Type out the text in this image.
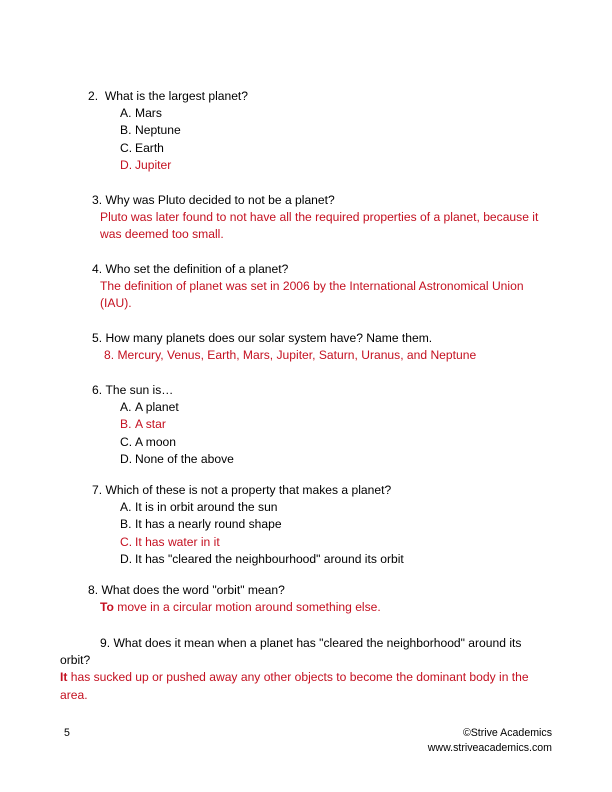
2. What is the largest planet?
A. Mars
B. Neptune
C. Earth
D. Jupiter
3. Why was Pluto decided to not be a planet?
Pluto was later found to not have all the required properties of a planet, because it was deemed too small.
4. Who set the definition of a planet?
The definition of planet was set in 2006 by the International Astronomical Union (IAU).
5. How many planets does our solar system have? Name them.
8. Mercury, Venus, Earth, Mars, Jupiter, Saturn, Uranus, and Neptune
6. The sun is…
A. A planet
B. A star
C. A moon
D. None of the above
7. Which of these is not a property that makes a planet?
A. It is in orbit around the sun
B. It has a nearly round shape
C. It has water in it
D. It has "cleared the neighbourhood" around its orbit
8. What does the word "orbit" mean?
To move in a circular motion around something else.
9. What does it mean when a planet has "cleared the neighborhood" around its orbit?
It has sucked up or pushed away any other objects to become the dominant body in the area.
5	©Strive Academics
www.striveacademics.com
